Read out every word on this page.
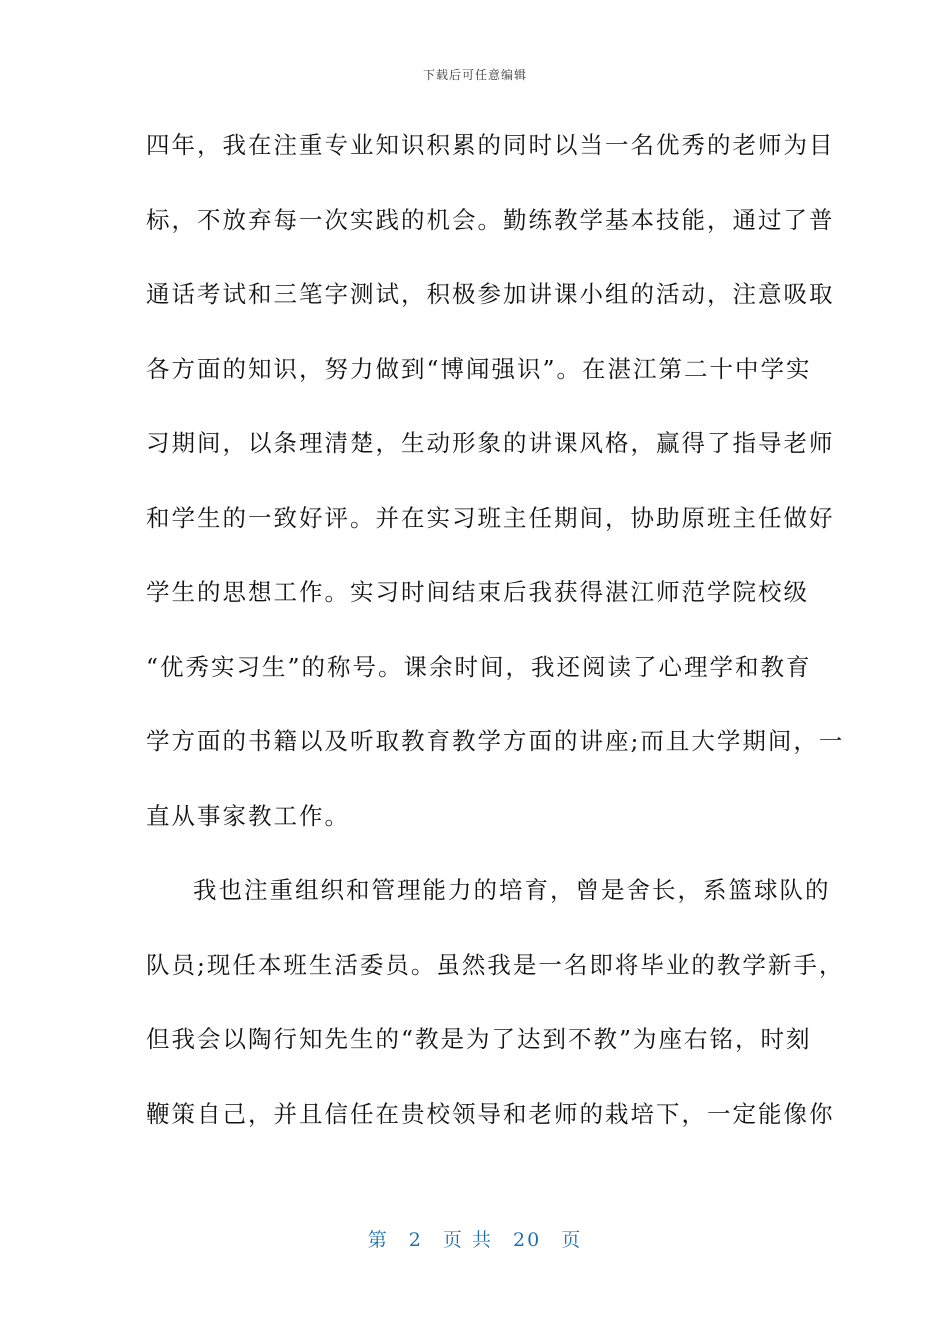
下载后可任意编辑
四年，我在注重专业知识积累的同时以当一名优秀的老师为目
标，不放弃每一次实践的机会。勤练教学基本技能，通过了普
通话考试和三笔字测试，积极参加讲课小组的活动，注意吸取
各方面的知识，努力做到“博闻强识”。在湛江第二十中学实
习期间，以条理清楚，生动形象的讲课风格，赢得了指导老师
和学生的一致好评。并在实习班主任期间，协助原班主任做好
学生的思想工作。实习时间结束后我获得湛江师范学院校级
“优秀实习生”的称号。课余时间，我还阅读了心理学和教育
学方面的书籍以及听取教育教学方面的讲座;而且大学期间，一
直从事家教工作。
我也注重组织和管理能力的培育，曾是舍长，系篮球队的
队员;现任本班生活委员。虽然我是一名即将毕业的教学新手，
但我会以陶行知先生的“教是为了达到不教”为座右铭，时刻
鞭策自己，并且信任在贵校领导和老师的栽培下，一定能像你
第 2 页 共 20 页
